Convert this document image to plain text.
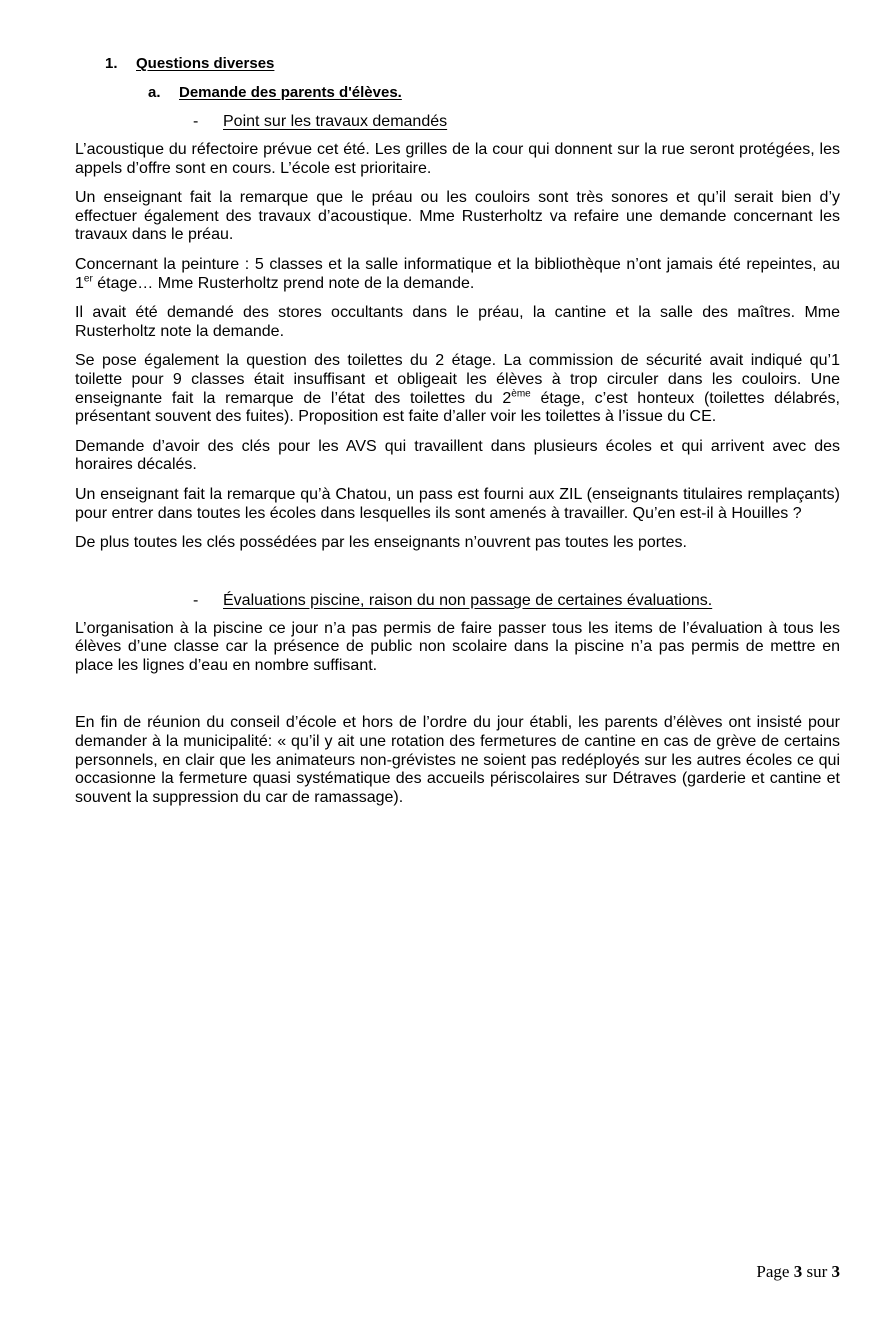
1.	Questions diverses
a.	Demande des parents d'élèves.
-	Point sur les travaux demandés

L’acoustique du réfectoire prévue cet été. Les grilles de la cour qui donnent sur la rue seront protégées, les appels d’offre sont en cours. L’école est prioritaire.

Un enseignant fait la remarque que le préau ou les couloirs sont très sonores et qu’il serait bien d’y effectuer également des travaux d’acoustique. Mme Rusterholtz va refaire une demande concernant les travaux dans le préau.

Concernant la peinture : 5 classes et la salle informatique et la bibliothèque n’ont jamais été repeintes, au 1er étage… Mme Rusterholtz prend note de la demande.

Il avait été demandé des stores occultants dans le préau, la cantine et la salle des maîtres. Mme Rusterholtz note la demande.

Se pose également la question des toilettes du 2 étage. La commission de sécurité avait indiqué qu’1 toilette pour 9 classes était insuffisant et obligeait les élèves à trop circuler dans les couloirs. Une enseignante fait la remarque de l’état des toilettes du 2ème étage, c’est honteux (toilettes délabrés, présentant souvent des fuites). Proposition est faite d’aller voir les toilettes à l’issue du CE.

Demande d’avoir des clés pour les AVS qui travaillent dans plusieurs écoles et qui arrivent avec des horaires décalés.

Un enseignant fait la remarque qu’à Chatou, un pass est fourni aux ZIL (enseignants titulaires remplaçants) pour entrer dans toutes les écoles dans lesquelles ils sont amenés à travailler. Qu’en est-il à Houilles ?

De plus toutes les clés possédées par les enseignants n’ouvrent pas toutes les portes.

-	Évaluations piscine, raison du non passage de certaines évaluations.

L’organisation à la piscine ce jour n’a pas permis de faire passer tous les items de l’évaluation à tous les élèves d’une classe car la présence de public non scolaire dans la piscine n’a pas permis de mettre en place les lignes d’eau en nombre suffisant.

En fin de réunion du conseil d’école et hors de l’ordre du jour établi, les parents d’élèves ont insisté pour demander à la municipalité: « qu’il y ait une rotation des fermetures de cantine en cas de grève de certains personnels, en clair que les animateurs non-grévistes ne soient pas redéployés sur les autres écoles ce qui occasionne la fermeture quasi systématique des accueils périscolaires sur Détraves (garderie et cantine et souvent la suppression du car de ramassage).

Page 3 sur 3
